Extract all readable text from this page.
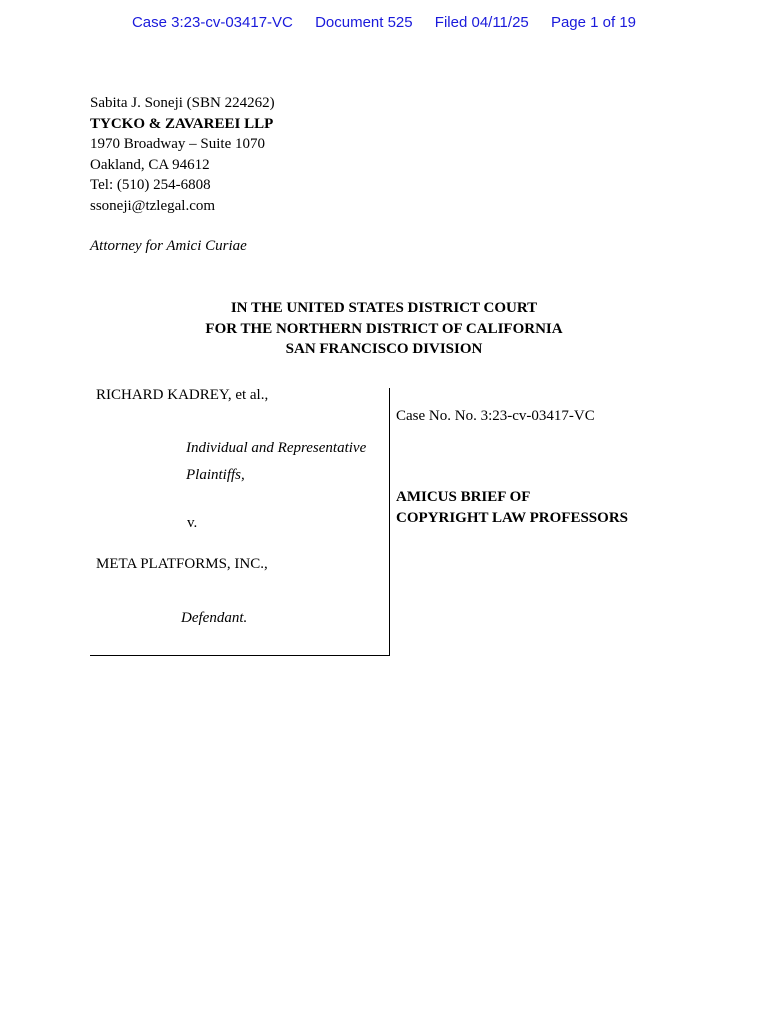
Case 3:23-cv-03417-VC Document 525 Filed 04/11/25 Page 1 of 19
Sabita J. Soneji (SBN 224262)
TYCKO & ZAVAREEI LLP
1970 Broadway – Suite 1070
Oakland, CA 94612
Tel: (510) 254-6808
ssoneji@tzlegal.com
Attorney for Amici Curiae
IN THE UNITED STATES DISTRICT COURT
FOR THE NORTHERN DISTRICT OF CALIFORNIA
SAN FRANCISCO DIVISION
RICHARD KADREY, et al.,
Individual and Representative
Plaintiffs,
v.
META PLATFORMS, INC.,
Defendant.
Case No. No. 3:23-cv-03417-VC
AMICUS BRIEF OF
COPYRIGHT LAW PROFESSORS
